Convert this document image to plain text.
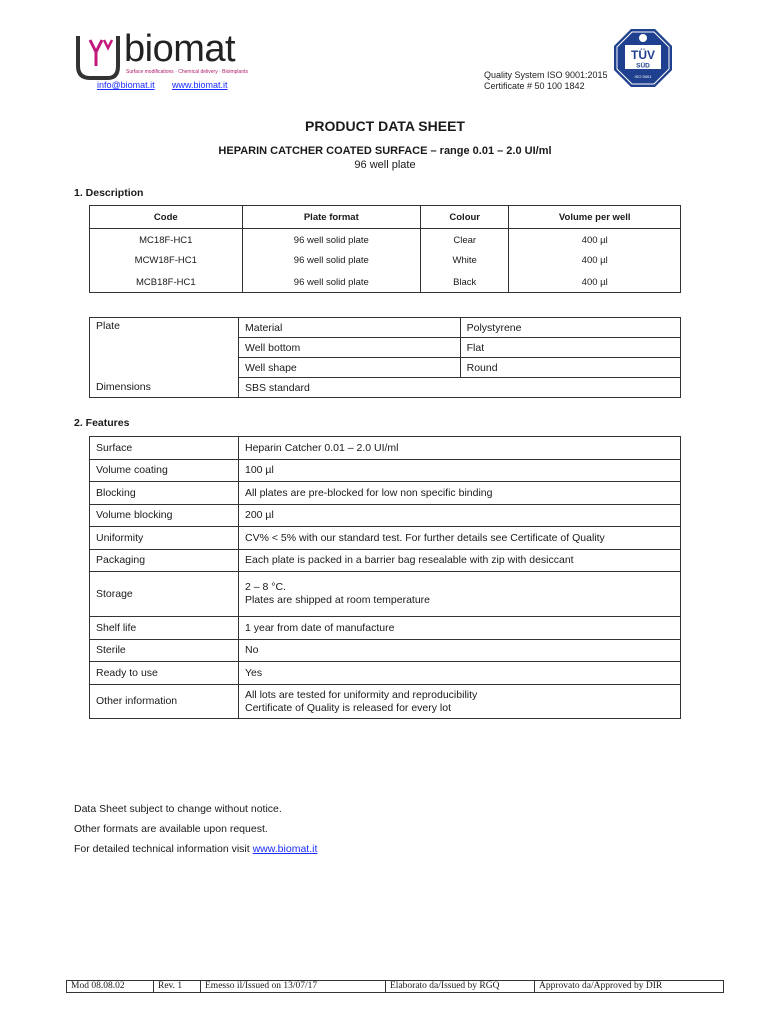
biomat
Surface modifications · Chemical delivery · Bioimplants
info@biomat.it www.biomat.it
Quality System ISO 9001:2015
Certificate # 50 100 1842
TÜV
SÜD
ISO 9001
PRODUCT DATA SHEET
HEPARIN CATCHER COATED SURFACE – range 0.01 – 2.0 UI/ml
96 well plate
1. Description
Code	Plate format	Colour	Volume per well
MC18F-HC1	96 well solid plate	Clear	400 µl
MCW18F-HC1	96 well solid plate	White	400 µl
MCB18F-HC1	96 well solid plate	Black	400 µl
Plate	Material	Polystyrene
	Well bottom	Flat
	Well shape	Round
Dimensions	SBS standard	
2. Features
Surface	Heparin Catcher 0.01 – 2.0 UI/ml
Volume coating	100 µl
Blocking	All plates are pre-blocked for low non specific binding
Volume blocking	200 µl
Uniformity	CV% < 5% with our standard test. For further details see Certificate of Quality
Packaging	Each plate is packed in a barrier bag resealable with zip with desiccant
Storage	2 – 8 °C.
Plates are shipped at room temperature

Shelf life	1 year from date of manufacture
Sterile	No
Ready to use	Yes
Other information	All lots are tested for uniformity and reproducibility
Certificate of Quality is released for every lot
Data Sheet subject to change without notice.
Other formats are available upon request.
For detailed technical information visit www.biomat.it
Mod 08.08.02	Rev. 1	Emesso il/Issued on 13/07/17	Elaborato da/Issued by RGQ	Approvato da/Approved by DIR
